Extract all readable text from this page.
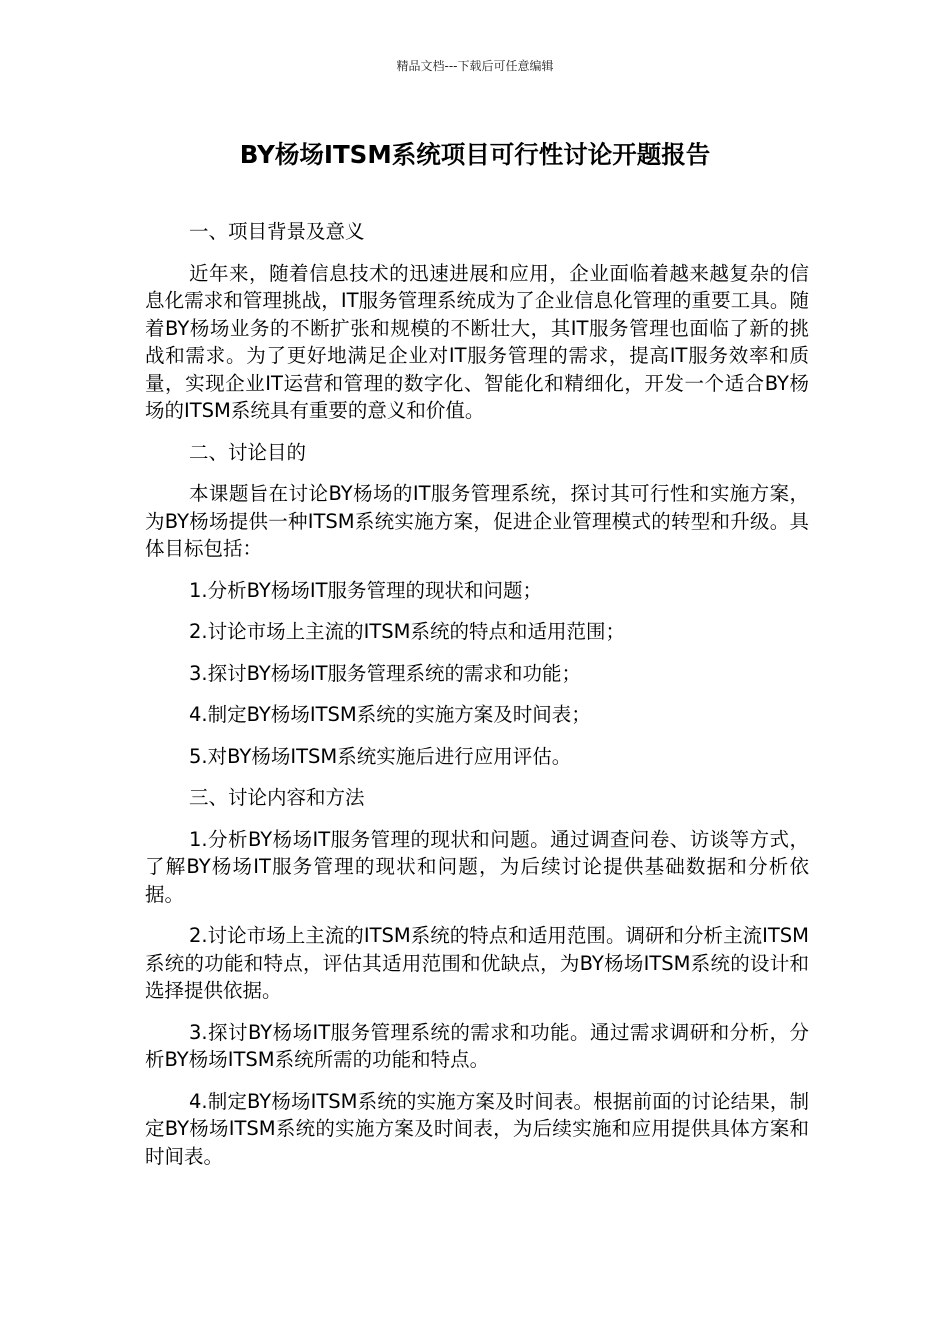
精品文档---下载后可任意编辑
BY杨场ITSM系统项目可行性讨论开题报告

一、项目背景及意义

近年来，随着信息技术的迅速进展和应用，企业面临着越来越复杂的信息化需求和管理挑战，IT服务管理系统成为了企业信息化管理的重要工具。随着BY杨场业务的不断扩张和规模的不断壮大，其IT服务管理也面临了新的挑战和需求。为了更好地满足企业对IT服务管理的需求，提高IT服务效率和质量，实现企业IT运营和管理的数字化、智能化和精细化，开发一个适合BY杨场的ITSM系统具有重要的意义和价值。

二、讨论目的

本课题旨在讨论BY杨场的IT服务管理系统，探讨其可行性和实施方案，为BY杨场提供一种ITSM系统实施方案，促进企业管理模式的转型和升级。具体目标包括：

1.分析BY杨场IT服务管理的现状和问题；

2.讨论市场上主流的ITSM系统的特点和适用范围；

3.探讨BY杨场IT服务管理系统的需求和功能；

4.制定BY杨场ITSM系统的实施方案及时间表；

5.对BY杨场ITSM系统实施后进行应用评估。

三、讨论内容和方法

1.分析BY杨场IT服务管理的现状和问题。通过调查问卷、访谈等方式，了解BY杨场IT服务管理的现状和问题，为后续讨论提供基础数据和分析依据。

2.讨论市场上主流的ITSM系统的特点和适用范围。调研和分析主流ITSM系统的功能和特点，评估其适用范围和优缺点，为BY杨场ITSM系统的设计和选择提供依据。

3.探讨BY杨场IT服务管理系统的需求和功能。通过需求调研和分析，分析BY杨场ITSM系统所需的功能和特点。

4.制定BY杨场ITSM系统的实施方案及时间表。根据前面的讨论结果，制定BY杨场ITSM系统的实施方案及时间表，为后续实施和应用提供具体方案和时间表。
